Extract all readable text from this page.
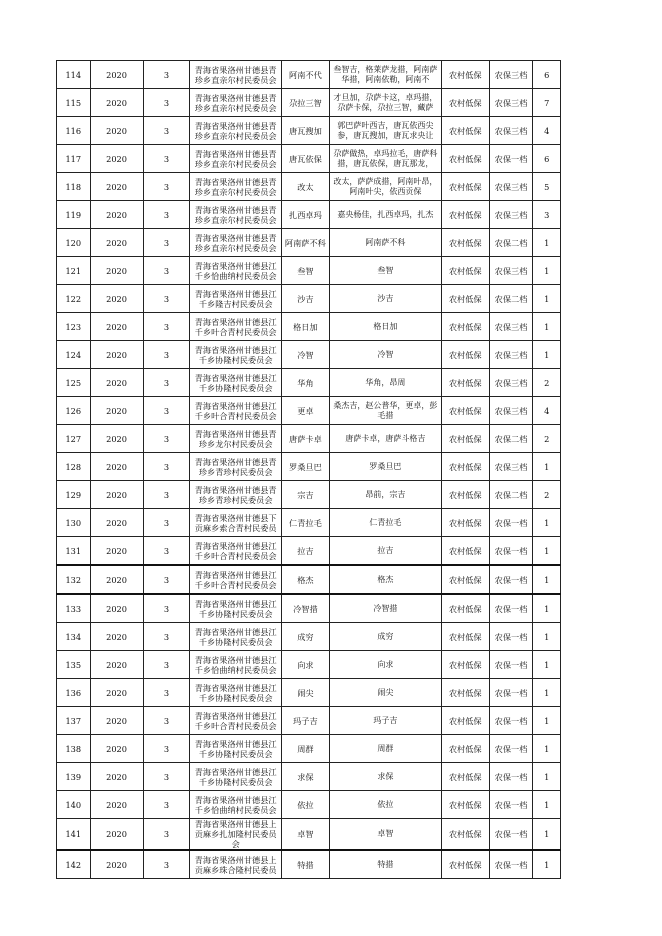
114	2020	3	青海省果洛州甘德县青珍乡直亲尔村民委员会	阿南不代	叁智吉，格莱萨龙措，阿南萨华措，阿南依勒，阿南不	农村低保	农保三档	6
115	2020	3	青海省果洛州甘德县青珍乡直亲尔村民委员会	尕拉三智	才旦加，尕萨卡这，卓玛措，尕萨卡保，尕拉三智，藏萨	农村低保	农保三档	7
116	2020	3	青海省果洛州甘德县青珍乡直亲尔村民委员会	唐瓦搜加	郭巴萨叶西吉，唐瓦依西尖参，唐瓦搜加，唐瓦求央让	农村低保	农保三档	4
117	2020	3	青海省果洛州甘德县青珍乡直亲尔村民委员会	唐瓦依保	尕萨做热，卓玛拉毛，唐萨科措，唐瓦依保，唐瓦那龙，	农村低保	农保一档	6
118	2020	3	青海省果洛州甘德县青珍乡直亲尔村民委员会	改太	改太，萨萨成措，阿南叶昂，阿南叶尖，依西贡保	农村低保	农保三档	5
119	2020	3	青海省果洛州甘德县青珍乡直亲尔村民委员会	扎西卓玛	嘉央杨佳，扎西卓玛，扎杰	农村低保	农保三档	3
120	2020	3	青海省果洛州甘德县青珍乡直亲尔村民委员会	阿南萨不科	阿南萨不科	农村低保	农保二档	1
121	2020	3	青海省果洛州甘德县江千乡恰曲纳村民委员会	叁智	叁智	农村低保	农保三档	1
122	2020	3	青海省果洛州甘德县江千乡隆吉村民委员会	沙吉	沙吉	农村低保	农保二档	1
123	2020	3	青海省果洛州甘德县江千乡叶合青村民委员会	格日加	格日加	农村低保	农保三档	1
124	2020	3	青海省果洛州甘德县江千乡协隆村民委员会	冷智	冷智	农村低保	农保三档	1
125	2020	3	青海省果洛州甘德县江千乡协隆村民委员会	华角	华角，昂周	农村低保	农保三档	2
126	2020	3	青海省果洛州甘德县江千乡叶合青村民委员会	更卓	桑杰吉，赵公普华，更卓，彭毛措	农村低保	农保三档	4
127	2020	3	青海省果洛州甘德县青珍乡龙尔村民委员会	唐萨卡卓	唐萨卡卓，唐萨斗格吉	农村低保	农保二档	2
128	2020	3	青海省果洛州甘德县青珍乡青珍村民委员会	罗桑旦巴	罗桑旦巴	农村低保	农保三档	1
129	2020	3	青海省果洛州甘德县青珍乡青珍村民委员会	宗吉	昂前，宗吉	农村低保	农保二档	2
130	2020	3	青海省果洛州甘德县下贡麻乡索合青村民委员	仁青拉毛	仁青拉毛	农村低保	农保一档	1
131	2020	3	青海省果洛州甘德县江千乡叶合青村民委员会	拉吉	拉吉	农村低保	农保一档	1
132	2020	3	青海省果洛州甘德县江千乡叶合青村民委员会	格杰	格杰	农村低保	农保一档	1
133	2020	3	青海省果洛州甘德县江千乡协隆村民委员会	冷智措	冷智措	农村低保	农保一档	1
134	2020	3	青海省果洛州甘德县江千乡协隆村民委员会	成穷	成穷	农村低保	农保一档	1
135	2020	3	青海省果洛州甘德县江千乡恰曲纳村民委员会	向求	向求	农村低保	农保一档	1
136	2020	3	青海省果洛州甘德县江千乡协隆村民委员会	闹尖	闹尖	农村低保	农保一档	1
137	2020	3	青海省果洛州甘德县江千乡叶合青村民委员会	玛子吉	玛子吉	农村低保	农保一档	1
138	2020	3	青海省果洛州甘德县江千乡协隆村民委员会	周群	周群	农村低保	农保一档	1
139	2020	3	青海省果洛州甘德县江千乡协隆村民委员会	求保	求保	农村低保	农保一档	1
140	2020	3	青海省果洛州甘德县江千乡恰曲纳村民委员会	依拉	依拉	农村低保	农保一档	1
141	2020	3	青海省果洛州甘德县上贡麻乡扎加隆村民委员会	卓智	卓智	农村低保	农保一档	1
142	2020	3	青海省果洛州甘德县上贡麻乡珠合隆村民委员	特措	特措	农村低保	农保一档	1
